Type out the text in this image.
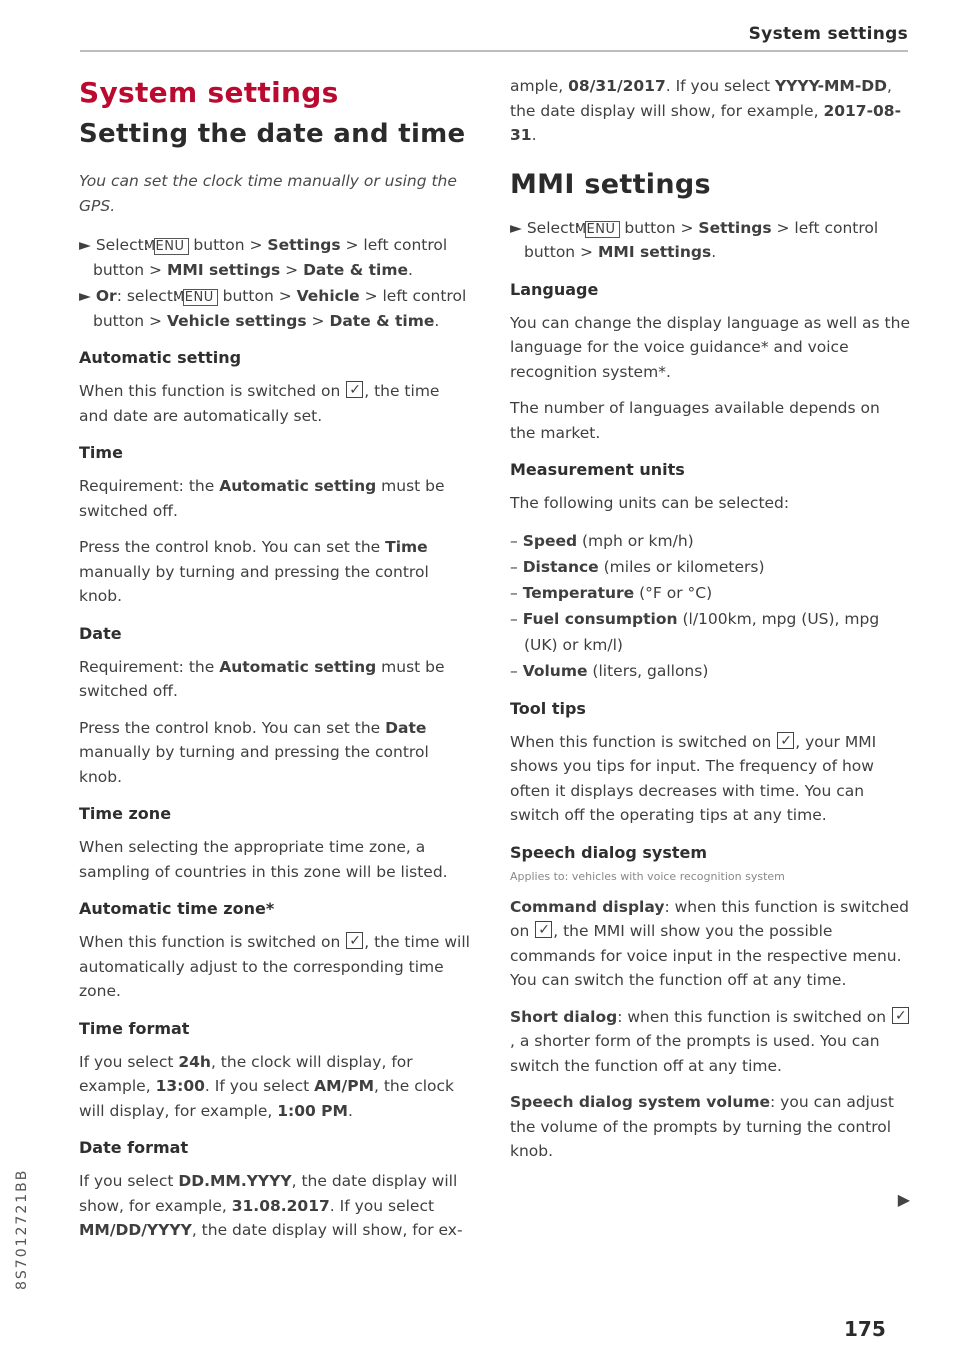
System settings
System settings
Setting the date and time
You can set the clock time manually or using the GPS.
► Select: MENU button > Settings > left control button > MMI settings > Date & time.
► Or: select: MENU button > Vehicle > left control button > Vehicle settings > Date & time.
Automatic setting

When this function is switched on ✓, the time and date are automatically set.

Time

Requirement: the Automatic setting must be switched off.

Press the control knob. You can set the Time manually by turning and pressing the control knob.

Date

Requirement: the Automatic setting must be switched off.

Press the control knob. You can set the Date manually by turning and pressing the control knob.

Time zone

When selecting the appropriate time zone, a sampling of countries in this zone will be listed.

Automatic time zone*

When this function is switched on ✓, the time will automatically adjust to the corresponding time zone.

Time format

If you select 24h, the clock will display, for example, 13:00. If you select AM/PM, the clock will display, for example, 1:00 PM.

Date format

If you select DD.MM.YYYY, the date display will show, for example, 31.08.2017. If you select MM/DD/YYYY, the date display will show, for ex-

ample, 08/31/2017. If you select YYYY-MM-DD, the date display will show, for example, 2017-08-31.

MMI settings
► Select: MENU button > Settings > left control button > MMI settings.
Language

You can change the display language as well as the language for the voice guidance* and voice recognition system*.

The number of languages available depends on the market.

Measurement units

The following units can be selected:

– Speed (mph or km/h)
– Distance (miles or kilometers)
– Temperature (°F or °C)
– Fuel consumption (l/100km, mpg (US), mpg (UK) or km/l)
– Volume (liters, gallons)
Tool tips

When this function is switched on ✓, your MMI shows you tips for input. The frequency of how often it displays decreases with time. You can switch off the operating tips at any time.

Speech dialog system
Applies to: vehicles with voice recognition system

Command display: when this function is switched on ✓, the MMI will show you the possible commands for voice input in the respective menu. You can switch the function off at any time.

Short dialog: when this function is switched on ✓, a shorter form of the prompts is used. You can switch the function off at any time.

Speech dialog system volume: you can adjust the volume of the prompts by turning the control knob.

▶
175
8S7012721BB
